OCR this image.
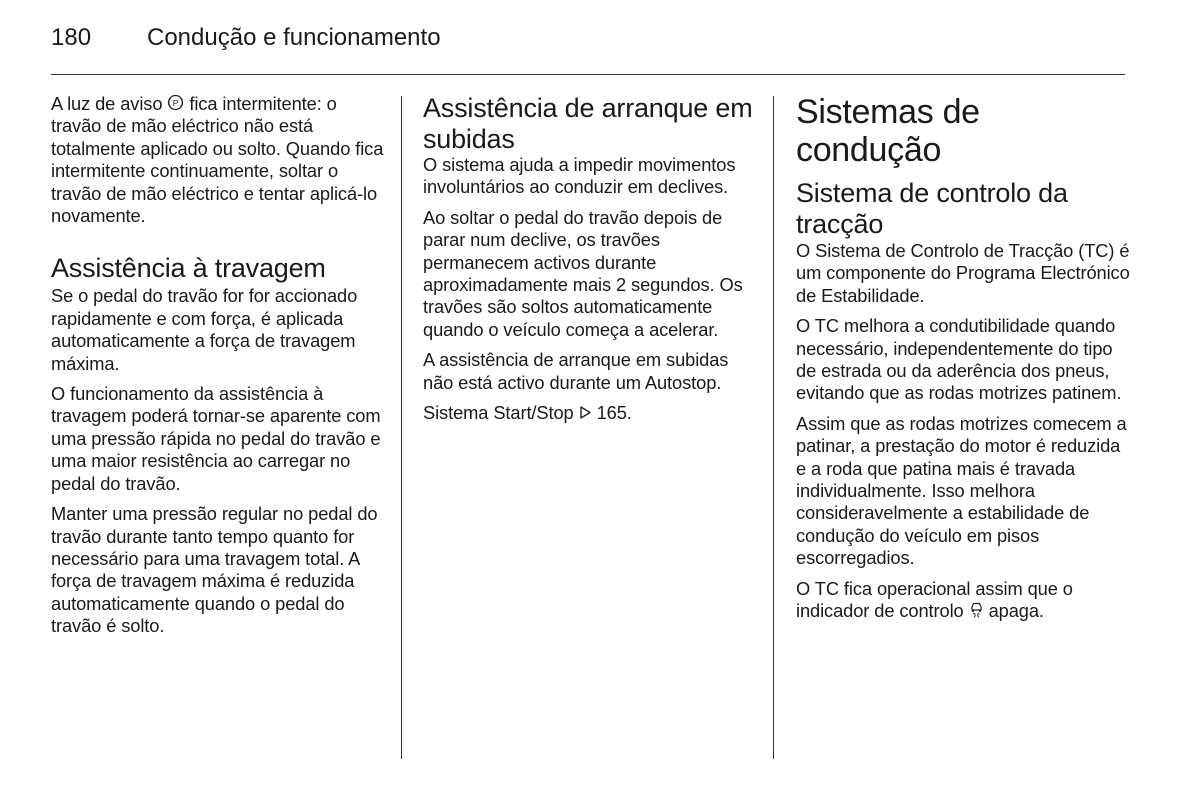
180	Condução e funcionamento

A luz de aviso P fica intermitente: o travão de mão eléctrico não está totalmente aplicado ou solto. Quando fica intermitente continuamente, soltar o travão de mão eléctrico e tentar aplicá-lo novamente.

Assistência à travagem

Se o pedal do travão for for accionado rapidamente e com força, é aplicada automaticamente a força de travagem máxima.

O funcionamento da assistência à travagem poderá tornar-se aparente com uma pressão rápida no pedal do travão e uma maior resistência ao carregar no pedal do travão.

Manter uma pressão regular no pedal do travão durante tanto tempo quanto for necessário para uma travagem total. A força de travagem máxima é reduzida automaticamente quando o pedal do travão é solto.

Assistência de arranque em subidas

O sistema ajuda a impedir movimentos involuntários ao conduzir em declives.

Ao soltar o pedal do travão depois de parar num declive, os travões permanecem activos durante aproximadamente mais 2 segundos. Os travões são soltos automaticamente quando o veículo começa a acelerar.

A assistência de arranque em subidas não está activo durante um Autostop.

Sistema Start/Stop
165.

Sistemas de condução
Sistema de controlo da tracção

O Sistema de Controlo de Tracção (TC) é um componente do Programa Electrónico de Estabilidade.

O TC melhora a condutibilidade quando necessário, independentemente do tipo de estrada ou da aderência dos pneus, evitando que as rodas motrizes patinem.

Assim que as rodas motrizes comecem a patinar, a prestação do motor é reduzida e a roda que patina mais é travada individualmente. Isso melhora consideravelmente a estabilidade de condução do veículo em pisos escorregadios.

O TC fica operacional assim que o indicador de controlo
apaga.
